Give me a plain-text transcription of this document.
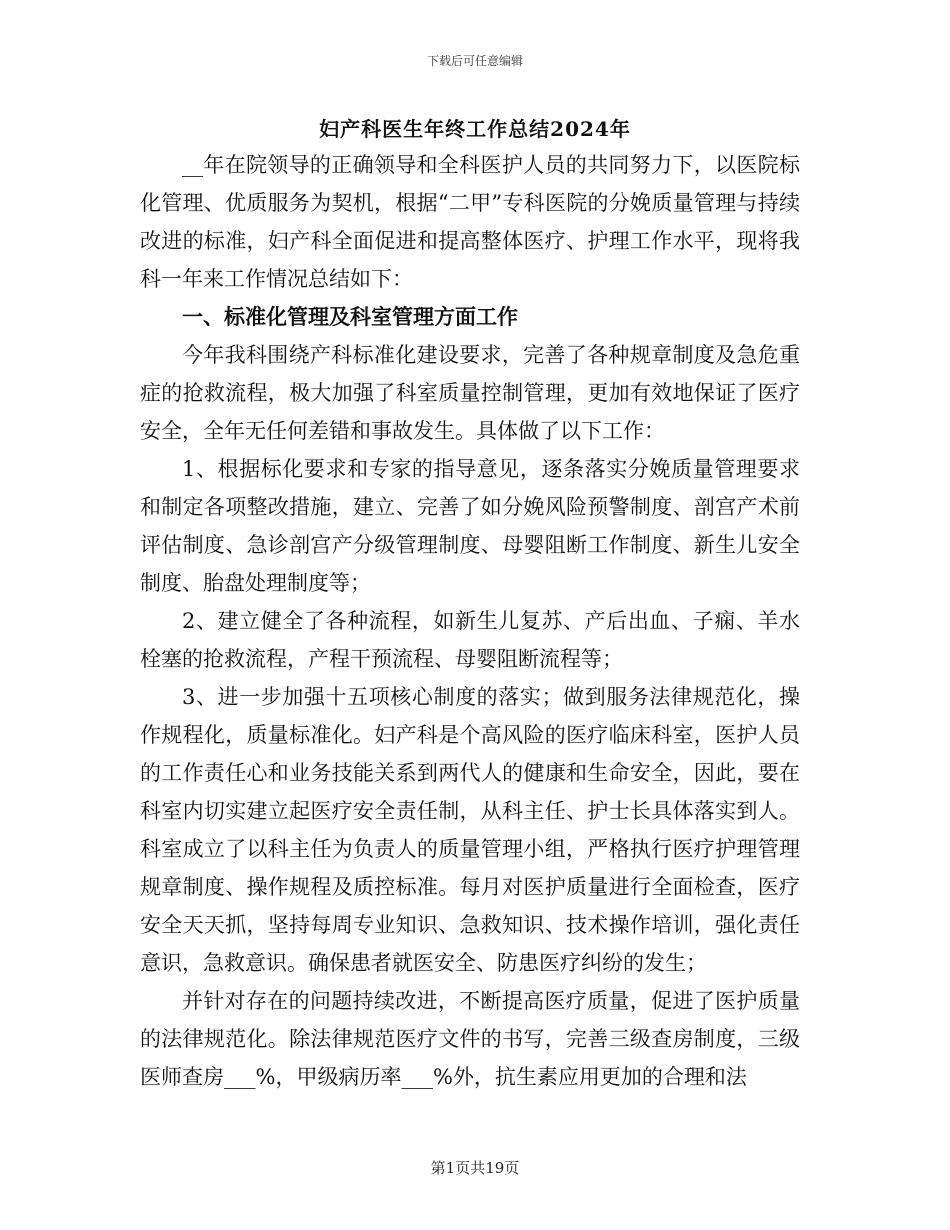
下载后可任意编辑
妇产科医生年终工作总结2024年

__年在院领导的正确领导和全科医护人员的共同努力下，以医院标化管理、优质服务为契机，根据“二甲”专科医院的分娩质量管理与持续改进的标准，妇产科全面促进和提高整体医疗、护理工作水平，现将我科一年来工作情况总结如下：

一、标准化管理及科室管理方面工作

今年我科围绕产科标准化建设要求，完善了各种规章制度及急危重症的抢救流程，极大加强了科室质量控制管理，更加有效地保证了医疗安全，全年无任何差错和事故发生。具体做了以下工作：

1、根据标化要求和专家的指导意见，逐条落实分娩质量管理要求和制定各项整改措施，建立、完善了如分娩风险预警制度、剖宫产术前评估制度、急诊剖宫产分级管理制度、母婴阻断工作制度、新生儿安全制度、胎盘处理制度等；

2、建立健全了各种流程，如新生儿复苏、产后出血、子痫、羊水栓塞的抢救流程，产程干预流程、母婴阻断流程等；

3、进一步加强十五项核心制度的落实；做到服务法律规范化，操作规程化，质量标准化。妇产科是个高风险的医疗临床科室，医护人员的工作责任心和业务技能关系到两代人的健康和生命安全，因此，要在科室内切实建立起医疗安全责任制，从科主任、护士长具体落实到人。科室成立了以科主任为负责人的质量管理小组，严格执行医疗护理管理规章制度、操作规程及质控标准。每月对医护质量进行全面检查，医疗安全天天抓，坚持每周专业知识、急救知识、技术操作培训，强化责任意识，急救意识。确保患者就医安全、防患医疗纠纷的发生；

并针对存在的问题持续改进，不断提高医疗质量，促进了医护质量的法律规范化。除法律规范医疗文件的书写，完善三级查房制度，三级医师查房___%，甲级病历率___%外，抗生素应用更加的合理和法

第1页共19页
